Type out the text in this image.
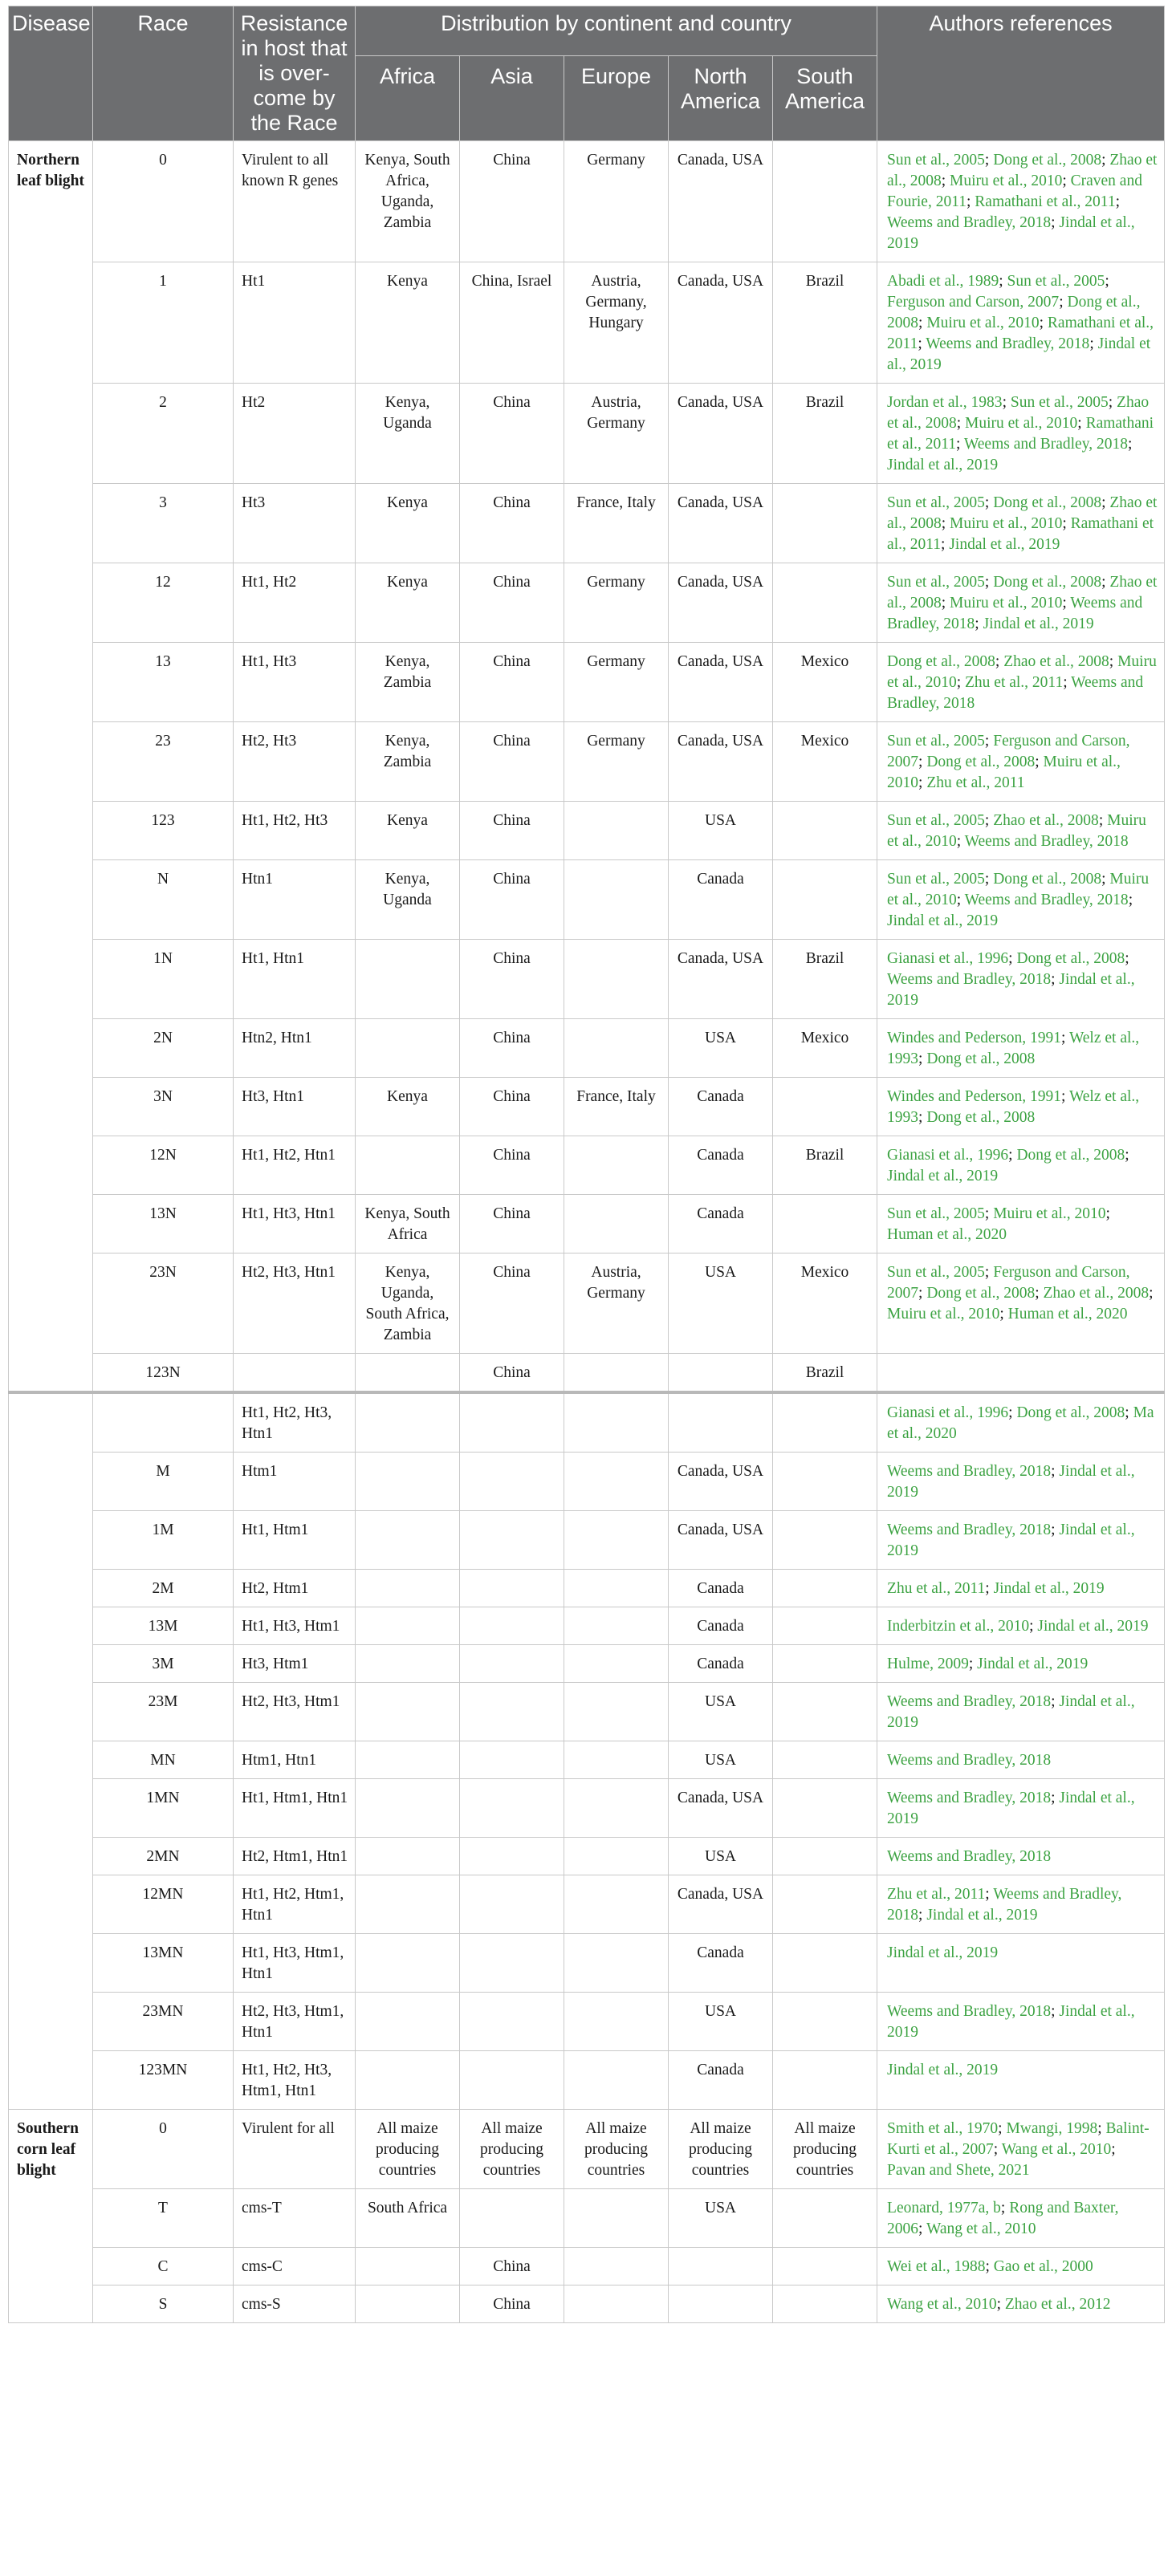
Disease	Race	Resistance in host that is over-come by the Race	Distribution by continent and country					Authors references
			Africa	Asia	Europe	North America	South America	
Northern leaf blight	0	Virulent to all known R genes	Kenya, South Africa, Uganda, Zambia	China	Germany	Canada, USA		Sun et al., 2005; Dong et al., 2008; Zhao et al., 2008; Muiru et al., 2010; Craven and Fourie, 2011; Ramathani et al., 2011; Weems and Bradley, 2018; Jindal et al., 2019
	1	Ht1	Kenya	China, Israel	Austria, Germany, Hungary	Canada, USA	Brazil	Abadi et al., 1989; Sun et al., 2005; Ferguson and Carson, 2007; Dong et al., 2008; Muiru et al., 2010; Ramathani et al., 2011; Weems and Bradley, 2018; Jindal et al., 2019
	2	Ht2	Kenya, Uganda	China	Austria, Germany	Canada, USA	Brazil	Jordan et al., 1983; Sun et al., 2005; Zhao et al., 2008; Muiru et al., 2010; Ramathani et al., 2011; Weems and Bradley, 2018; Jindal et al., 2019
	3	Ht3	Kenya	China	France, Italy	Canada, USA		Sun et al., 2005; Dong et al., 2008; Zhao et al., 2008; Muiru et al., 2010; Ramathani et al., 2011; Jindal et al., 2019
	12	Ht1, Ht2	Kenya	China	Germany	Canada, USA		Sun et al., 2005; Dong et al., 2008; Zhao et al., 2008; Muiru et al., 2010; Weems and Bradley, 2018; Jindal et al., 2019
	13	Ht1, Ht3	Kenya, Zambia	China	Germany	Canada, USA	Mexico	Dong et al., 2008; Zhao et al., 2008; Muiru et al., 2010; Zhu et al., 2011; Weems and Bradley, 2018
	23	Ht2, Ht3	Kenya, Zambia	China	Germany	Canada, USA	Mexico	Sun et al., 2005; Ferguson and Carson, 2007; Dong et al., 2008; Muiru et al., 2010; Zhu et al., 2011
	123	Ht1, Ht2, Ht3	Kenya	China		USA		Sun et al., 2005; Zhao et al., 2008; Muiru et al., 2010; Weems and Bradley, 2018
	N	Htn1	Kenya, Uganda	China		Canada		Sun et al., 2005; Dong et al., 2008; Muiru et al., 2010; Weems and Bradley, 2018; Jindal et al., 2019
	1N	Ht1, Htn1		China		Canada, USA	Brazil	Gianasi et al., 1996; Dong et al., 2008; Weems and Bradley, 2018; Jindal et al., 2019
	2N	Htn2, Htn1		China		USA	Mexico	Windes and Pederson, 1991; Welz et al., 1993; Dong et al., 2008
	3N	Ht3, Htn1	Kenya	China	France, Italy	Canada		Windes and Pederson, 1991; Welz et al., 1993; Dong et al., 2008
	12N	Ht1, Ht2, Htn1		China		Canada	Brazil	Gianasi et al., 1996; Dong et al., 2008; Jindal et al., 2019
	13N	Ht1, Ht3, Htn1	Kenya, South Africa	China		Canada		Sun et al., 2005; Muiru et al., 2010; Human et al., 2020
	23N	Ht2, Ht3, Htn1	Kenya, Uganda, South Africa, Zambia	China	Austria, Germany	USA	Mexico	Sun et al., 2005; Ferguson and Carson, 2007; Dong et al., 2008; Zhao et al., 2008; Muiru et al., 2010; Human et al., 2020
	123N			China			Brazil	
		Ht1, Ht2, Ht3, Htn1						Gianasi et al., 1996; Dong et al., 2008; Ma et al., 2020
	M	Htm1				Canada, USA		Weems and Bradley, 2018; Jindal et al., 2019
	1M	Ht1, Htm1				Canada, USA		Weems and Bradley, 2018; Jindal et al., 2019
	2M	Ht2, Htm1				Canada		Zhu et al., 2011; Jindal et al., 2019
	13M	Ht1, Ht3, Htm1				Canada		Inderbitzin et al., 2010; Jindal et al., 2019
	3M	Ht3, Htm1				Canada		Hulme, 2009; Jindal et al., 2019
	23M	Ht2, Ht3, Htm1				USA		Weems and Bradley, 2018; Jindal et al., 2019
	MN	Htm1, Htn1				USA		Weems and Bradley, 2018
	1MN	Ht1, Htm1, Htn1				Canada, USA		Weems and Bradley, 2018; Jindal et al., 2019
	2MN	Ht2, Htm1, Htn1				USA		Weems and Bradley, 2018
	12MN	Ht1, Ht2, Htm1, Htn1				Canada, USA		Zhu et al., 2011; Weems and Bradley, 2018; Jindal et al., 2019
	13MN	Ht1, Ht3, Htm1, Htn1				Canada		Jindal et al., 2019
	23MN	Ht2, Ht3, Htm1, Htn1				USA		Weems and Bradley, 2018; Jindal et al., 2019
	123MN	Ht1, Ht2, Ht3, Htm1, Htn1				Canada		Jindal et al., 2019
Southern corn leaf blight	0	Virulent for all	All maize producing countries	All maize producing countries	All maize producing countries	All maize producing countries	All maize producing countries	Smith et al., 1970; Mwangi, 1998; Balint-Kurti et al., 2007; Wang et al., 2010; Pavan and Shete, 2021
	T	cms-T	South Africa			USA		Leonard, 1977a, b; Rong and Baxter, 2006; Wang et al., 2010
	C	cms-C		China				Wei et al., 1988; Gao et al., 2000
	S	cms-S		China				Wang et al., 2010; Zhao et al., 2012
